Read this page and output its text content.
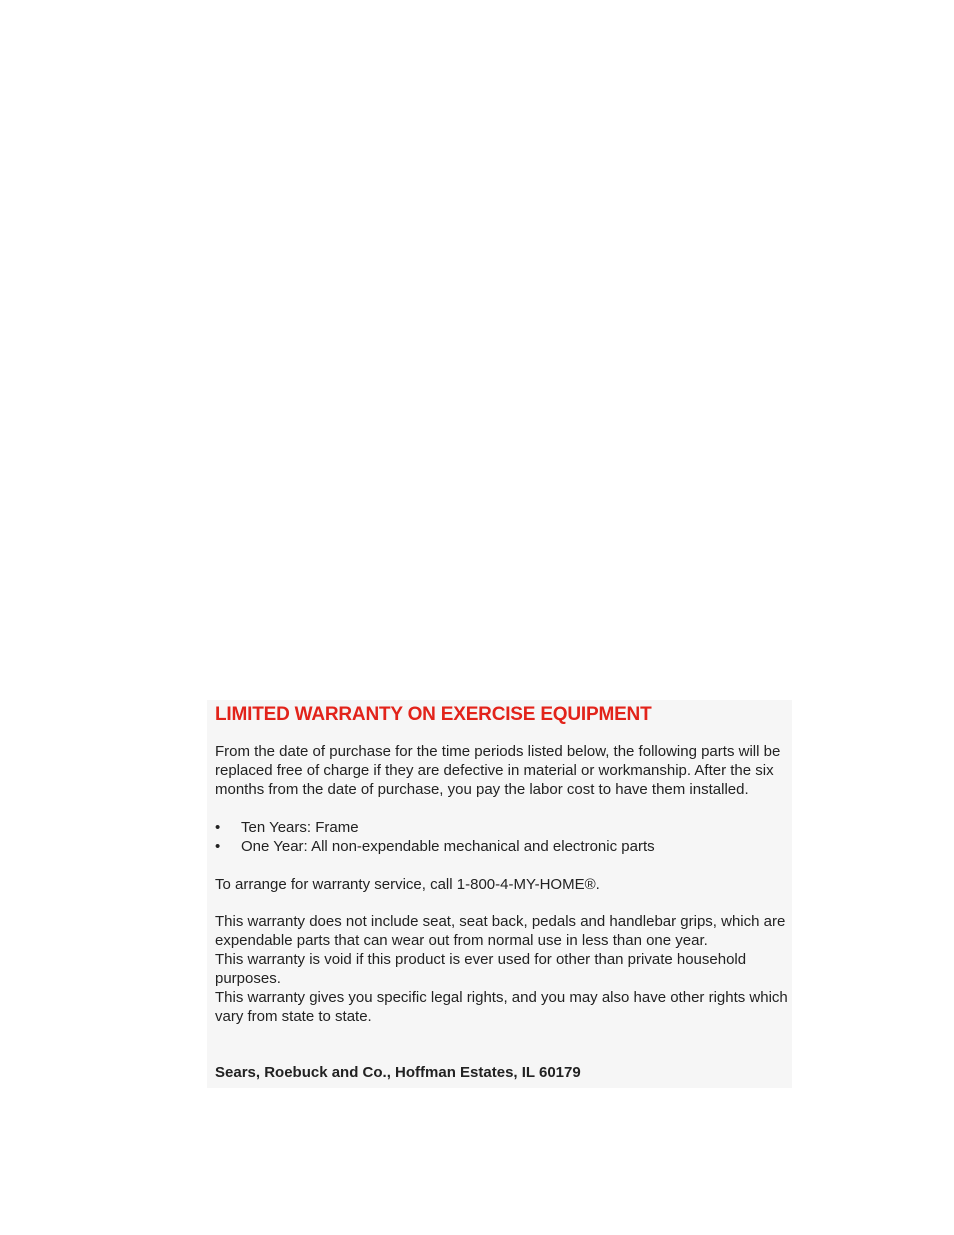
LIMITED WARRANTY ON EXERCISE EQUIPMENT

From the date of purchase for the time periods listed below, the following parts will be replaced free of charge if they are defective in material or workmanship. After the six months from the date of purchase, you pay the labor cost to have them installed.

• Ten Years: Frame
• One Year: All non-expendable mechanical and electronic parts

To arrange for warranty service, call 1-800-4-MY-HOME®.

This warranty does not include seat, seat back, pedals and handlebar grips, which are expendable parts that can wear out from normal use in less than one year.
This warranty is void if this product is ever used for other than private household purposes.
This warranty gives you specific legal rights, and you may also have other rights which vary from state to state.
Sears, Roebuck and Co., Hoffman Estates, IL 60179
